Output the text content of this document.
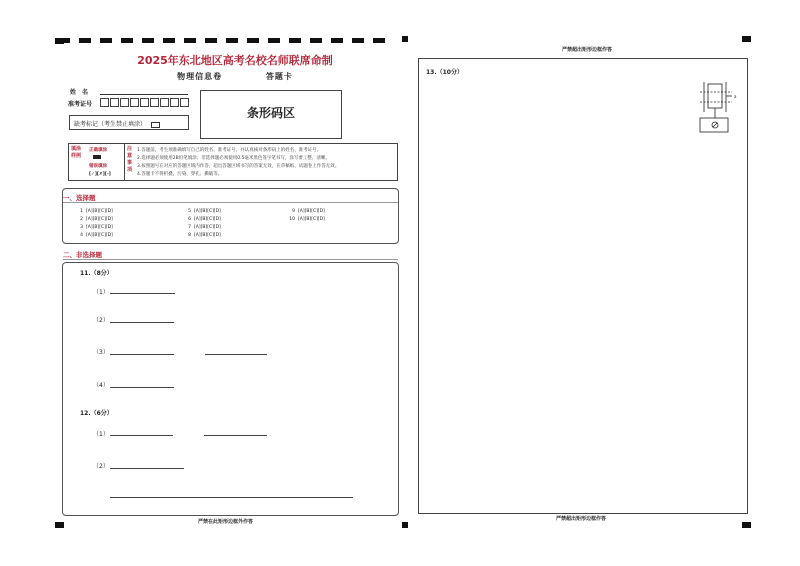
2025年东北地区高考名校名师联席命制
物理信息卷	答题卡
姓　名
准考证号
缺考标记（考生禁止填涂）
条形码区
填涂样例
正确填涂
错误填涂
[✓][✗][-]
注意事项
1.答题前，考生须准确填写自己的姓名、准考证号，并认真核对条形码上的姓名、准考证号。
2.选择题必须使用2B铅笔填涂；非选择题必须使用0.5毫米黑色签字笔书写，涂写要工整、清晰。
3.按照题号在对应的答题区域内作答，超出答题区域书写的答案无效，在草稿纸、试题卷上作答无效。
4.答题卡不得折叠、污染、穿孔、撕破等。
一、选择题
1 [A][B][C][D]
2 [A][B][C][D]
3 [A][B][C][D]
4 [A][B][C][D]
5 [A][B][C][D]
6 [A][B][C][D]
7 [A][B][C][D]
8 [A][B][C][D]
9 [A][B][C][D]
10 [A][B][C][D]
二、非选择题
11.（8分）
（1）
（2）
（3）
（4）
12.（6分）
（1）
（2）
严禁在此矩形边框外作答
严禁超出矩形边框作答
13.（10分）
a
严禁超出矩形边框作答
